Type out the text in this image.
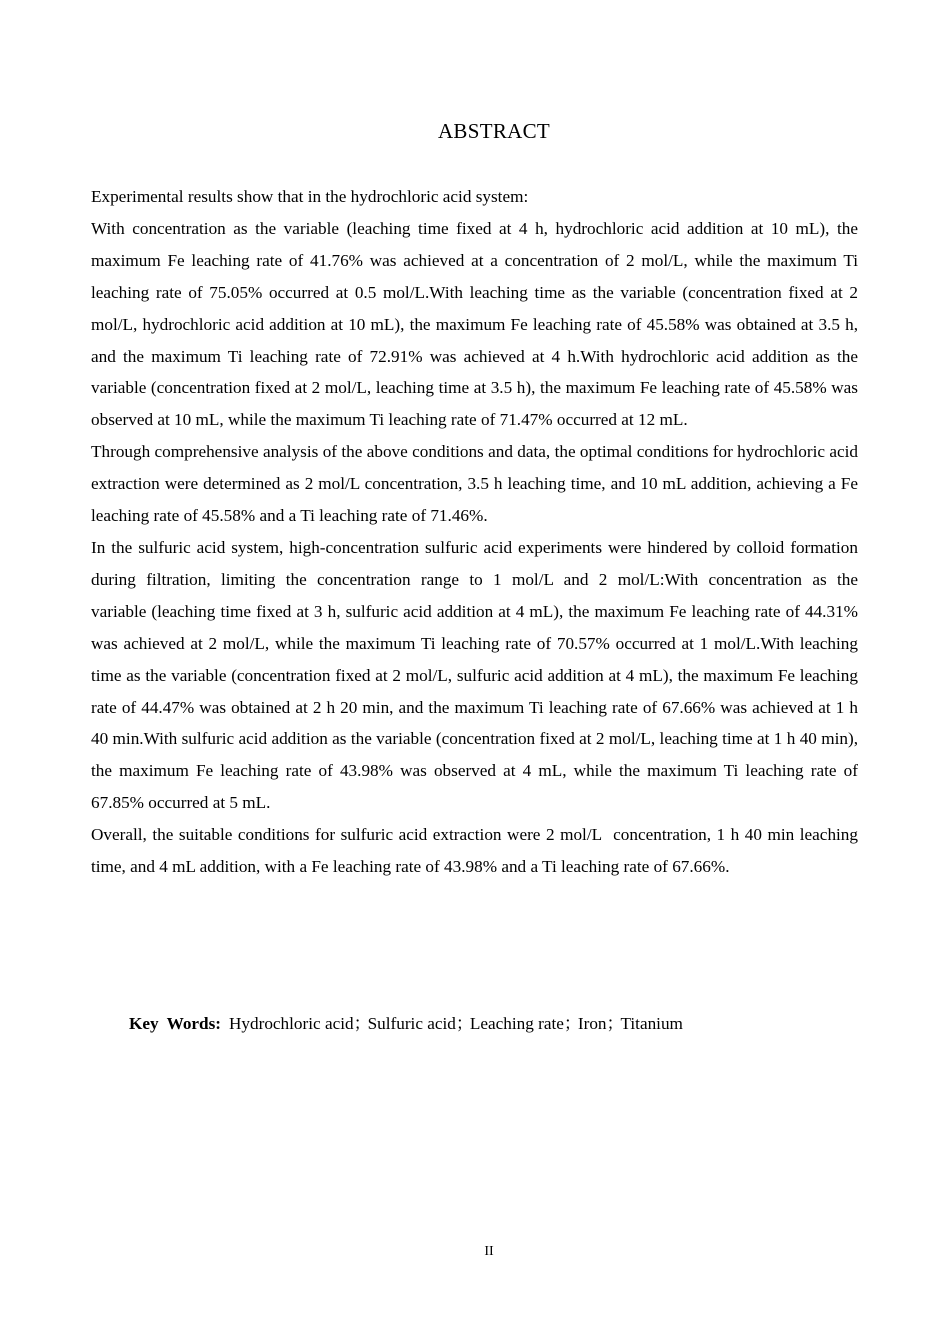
ABSTRACT

Experimental results show that in the hydrochloric acid system:

With concentration as the variable (leaching time fixed at 4 h, hydrochloric acid addition at 10 mL), the maximum Fe leaching rate of 41.76% was achieved at a concentration of 2 mol/L, while the maximum Ti leaching rate of 75.05% occurred at 0.5 mol/L.With leaching time as the variable (concentration fixed at 2 mol/L, hydrochloric acid addition at 10 mL), the maximum Fe leaching rate of 45.58% was obtained at 3.5 h, and the maximum Ti leaching rate of 72.91% was achieved at 4 h.With hydrochloric acid addition as the variable (concentration fixed at 2 mol/L, leaching time at 3.5 h), the maximum Fe leaching rate of 45.58% was observed at 10 mL, while the maximum Ti leaching rate of 71.47% occurred at 12 mL.

Through comprehensive analysis of the above conditions and data, the optimal conditions for hydrochloric acid extraction were determined as 2 mol/L concentration, 3.5 h leaching time, and 10 mL addition, achieving a Fe leaching rate of 45.58% and a Ti leaching rate of 71.46%.

In the sulfuric acid system, high-concentration sulfuric acid experiments were hindered by colloid formation during filtration, limiting the concentration range to 1 mol/L and 2 mol/L:With concentration as the variable (leaching time fixed at 3 h, sulfuric acid addition at 4 mL), the maximum Fe leaching rate of 44.31% was achieved at 2 mol/L, while the maximum Ti leaching rate of 70.57% occurred at 1 mol/L.With leaching time as the variable (concentration fixed at 2 mol/L, sulfuric acid addition at 4 mL), the maximum Fe leaching rate of 44.47% was obtained at 2 h 20 min, and the maximum Ti leaching rate of 67.66% was achieved at 1 h 40 min.With sulfuric acid addition as the variable (concentration fixed at 2 mol/L, leaching time at 1 h 40 min), the maximum Fe leaching rate of 43.98% was observed at 4 mL, while the maximum Ti leaching rate of 67.85% occurred at 5 mL.

Overall, the suitable conditions for sulfuric acid extraction were 2 mol/L  concentration, 1 h 40 min leaching time, and 4 mL addition, with a Fe leaching rate of 43.98% and a Ti leaching rate of 67.66%.

Key Words: Hydrochloric acid；Sulfuric acid；Leaching rate；Iron；Titanium
II
